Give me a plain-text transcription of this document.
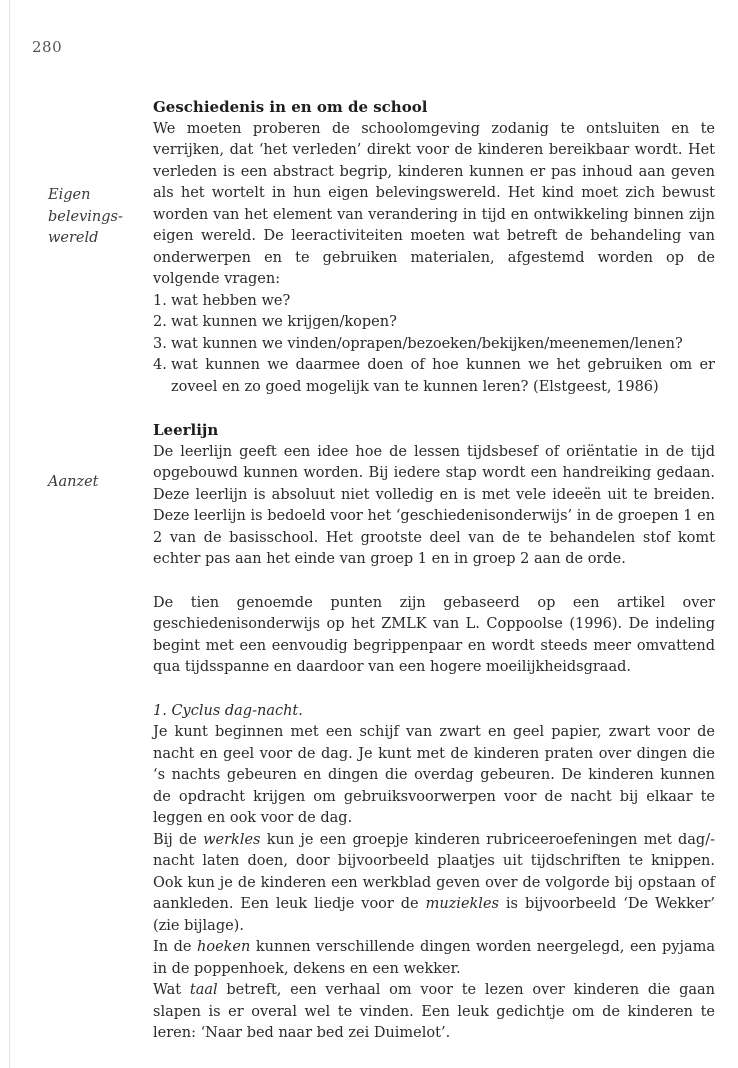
280
Eigen
belevings-
wereld
Aanzet
Geschiedenis in en om de school

We moeten proberen de schoolomgeving zodanig te ontsluiten en te verrijken, dat ‘het verleden’ direkt voor de kinderen bereikbaar wordt. Het verleden is een abstract begrip, kinderen kunnen er pas inhoud aan geven als het wortelt in hun eigen belevingswereld. Het kind moet zich bewust worden van het element van verandering in tijd en ontwikkeling binnen zijn eigen wereld. De leeractiviteiten moeten wat betreft de behandeling van onderwerpen en te gebruiken materialen, afgestemd worden op de volgende vragen:

1. wat hebben we?
2. wat kunnen we krijgen/kopen?
3. wat kunnen we vinden/oprapen/bezoeken/bekijken/meenemen/lenen?
4. wat kunnen we daarmee doen of hoe kunnen we het gebruiken om er zoveel en zo goed mogelijk van te kunnen leren? (Elstgeest, 1986)
Leerlijn

De leerlijn geeft een idee hoe de lessen tijdsbesef of oriëntatie in de tijd opgebouwd kunnen worden. Bij iedere stap wordt een handreiking gedaan. Deze leerlijn is absoluut niet volledig en is met vele ideeën uit te breiden. Deze leerlijn is bedoeld voor het ‘geschiedenisonderwijs’ in de groepen 1 en 2 van de basisschool. Het grootste deel van de te behandelen stof komt echter pas aan het einde van groep 1 en in groep 2 aan de orde.

De tien genoemde punten zijn gebaseerd op een artikel over geschiedenisonderwijs op het ZMLK van L. Coppoolse (1996). De indeling begint met een eenvoudig begrippenpaar en wordt steeds meer omvattend qua tijdsspanne en daardoor van een hogere moeilijkheidsgraad.

1. Cyclus dag-nacht.

Je kunt beginnen met een schijf van zwart en geel papier, zwart voor de nacht en geel voor de dag. Je kunt met de kinderen praten over dingen die ‘s nachts gebeuren en dingen die overdag gebeuren. De kinderen kunnen de opdracht krijgen om gebruiksvoorwerpen voor de nacht bij elkaar te leggen en ook voor de dag.

Bij de werkles kun je een groepje kinderen rubriceeroefeningen met dag/-nacht laten doen, door bijvoorbeeld plaatjes uit tijdschriften te knippen. Ook kun je de kinderen een werkblad geven over de volgorde bij opstaan of aankleden. Een leuk liedje voor de muziekles is bijvoorbeeld ‘De Wekker’ (zie bijlage).

In de hoeken kunnen verschillende dingen worden neergelegd, een pyjama in de poppenhoek, dekens en een wekker.

Wat taal betreft, een verhaal om voor te lezen over kinderen die gaan slapen is er overal wel te vinden. Een leuk gedichtje om de kinderen te leren: ‘Naar bed naar bed zei Duimelot’.
